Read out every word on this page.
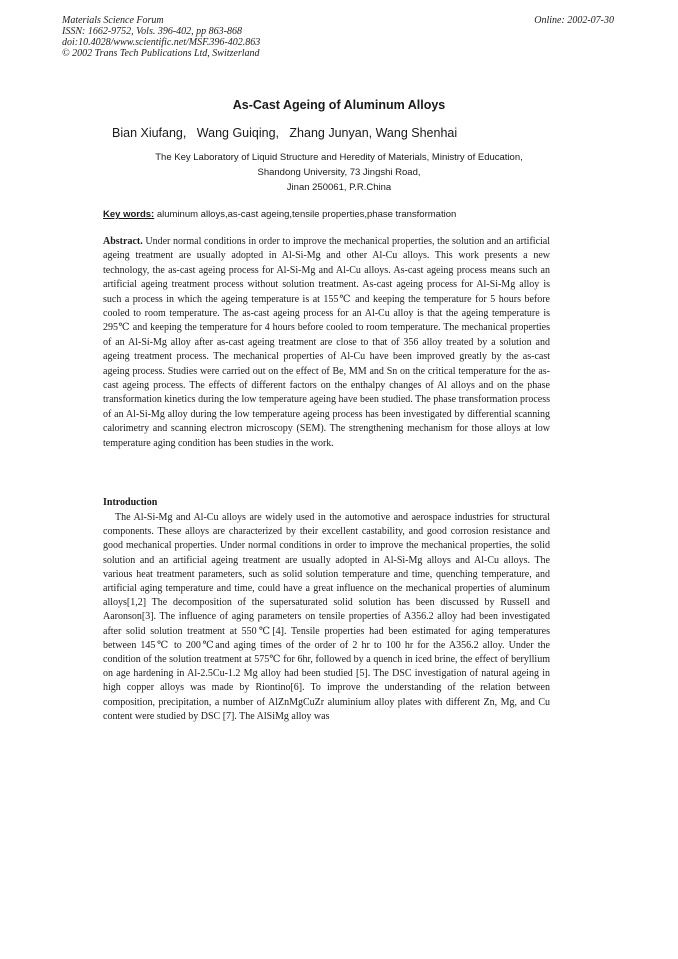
Materials Science Forum
ISSN: 1662-9752, Vols. 396-402, pp 863-868
doi:10.4028/www.scientific.net/MSF.396-402.863
© 2002 Trans Tech Publications Ltd, Switzerland
Online: 2002-07-30
As-Cast Ageing of Aluminum Alloys
Bian Xiufang,   Wang Guiqing,   Zhang Junyan, Wang Shenhai
The Key Laboratory of Liquid Structure and Heredity of Materials, Ministry of Education,
Shandong University, 73 Jingshi Road,
Jinan 250061, P.R.China
Key words: aluminum alloys,as-cast ageing,tensile properties,phase transformation

Abstract. Under normal conditions in order to improve the mechanical properties, the solution and an artificial ageing treatment are usually adopted in Al-Si-Mg and other Al-Cu alloys. This work presents a new technology, the as-cast ageing process for Al-Si-Mg and Al-Cu alloys. As-cast ageing process means such an artificial ageing treatment process without solution treatment. As-cast ageing process for Al-Si-Mg alloy is such a process in which the ageing temperature is at 155℃ and keeping the temperature for 5 hours before cooled to room temperature. The as-cast ageing process for an Al-Cu alloy is that the ageing temperature is 295℃ and keeping the temperature for 4 hours before cooled to room temperature. The mechanical properties of an Al-Si-Mg alloy after as-cast ageing treatment are close to that of 356 alloy treated by a solution and ageing treatment process. The mechanical properties of Al-Cu have been improved greatly by the as-cast ageing process. Studies were carried out on the effect of Be, MM and Sn on the critical temperature for the as-cast ageing process. The effects of different factors on the enthalpy changes of Al alloys and on the phase transformation kinetics during the low temperature ageing have been studied. The phase transformation process of an Al-Si-Mg alloy during the low temperature ageing process has been investigated by differential scanning calorimetry and scanning electron microscopy (SEM). The strengthening mechanism for those alloys at low temperature aging condition has been studies in the work.

Introduction

The Al-Si-Mg and Al-Cu alloys are widely used in the automotive and aerospace industries for structural components. These alloys are characterized by their excellent castability, and good corrosion resistance and good mechanical properties. Under normal conditions in order to improve the mechanical properties, the solid solution and an artificial ageing treatment are usually adopted in Al-Si-Mg alloys and Al-Cu alloys. The various heat treatment parameters, such as solid solution temperature and time, quenching temperature, and artificial aging temperature and time, could have a great influence on the mechanical properties of aluminum alloys[1,2] The decomposition of the supersaturated solid solution has been discussed by Russell and Aaronson[3]. The influence of aging parameters on tensile properties of A356.2 alloy had been investigated after solid solution treatment at 550℃[4]. Tensile properties had been estimated for aging temperatures between 145℃ to 200℃and aging times of the order of 2 hr to 100 hr for the A356.2 alloy. Under the condition of the solution treatment at 575℃ for 6hr, followed by a quench in iced brine, the effect of beryllium on age hardening in Al-2.5Cu-1.2 Mg alloy had been studied [5]. The DSC investigation of natural ageing in high copper alloys was made by Riontino[6]. To improve the understanding of the relation between composition, precipitation, a number of AlZnMgCuZr aluminium alloy plates with different Zn, Mg, and Cu content were studied by DSC [7]. The AlSiMg alloy was
